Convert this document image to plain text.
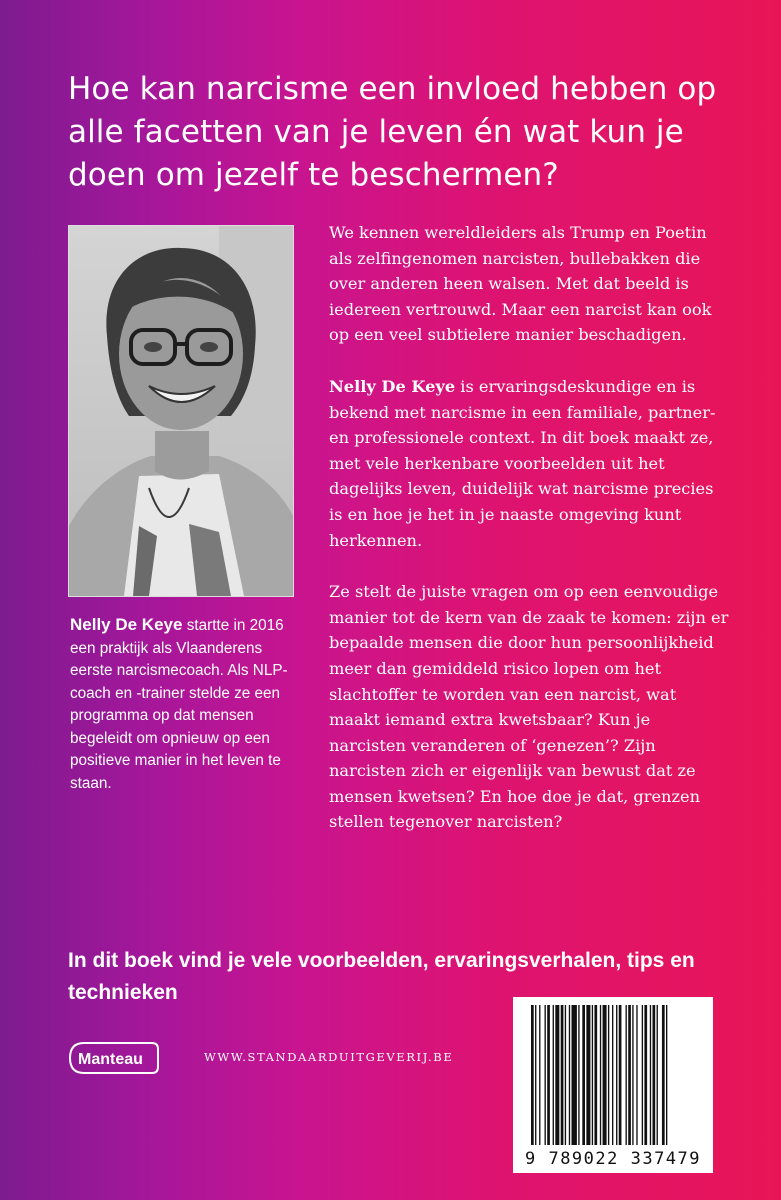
Hoe kan narcisme een invloed hebben op alle facetten van je leven én wat kun je doen om jezelf te beschermen?
Nelly De Keye startte in 2016 een praktijk als Vlaanderens eerste narcismecoach. Als NLP-coach en -trainer stelde ze een programma op dat mensen begeleidt om opnieuw op een positieve manier in het leven te staan.

We kennen wereldleiders als Trump en Poetin als zelfingenomen narcisten, bullebakken die over anderen heen walsen. Met dat beeld is iedereen vertrouwd. Maar een narcist kan ook op een veel subtielere manier beschadigen.

Nelly De Keye is ervaringsdeskundige en is bekend met narcisme in een familiale, partner- en professionele context. In dit boek maakt ze, met vele herkenbare voorbeelden uit het dagelijks leven, duidelijk wat narcisme precies is en hoe je het in je naaste omgeving kunt herkennen.

Ze stelt de juiste vragen om op een eenvoudige manier tot de kern van de zaak te komen: zijn er bepaalde mensen die door hun persoonlijkheid meer dan gemiddeld risico lopen om het slachtoffer te worden van een narcist, wat maakt iemand extra kwetsbaar? Kun je narcisten veranderen of ‘genezen’? Zijn narcisten zich er eigenlijk van bewust dat ze mensen kwetsen? En hoe doe je dat, grenzen stellen tegenover narcisten?

In dit boek vind je vele voorbeelden, ervaringsverhalen, tips en technieken
Manteau	WWW.STANDAARDUITGEVERIJ.BE
9 789022 337479
